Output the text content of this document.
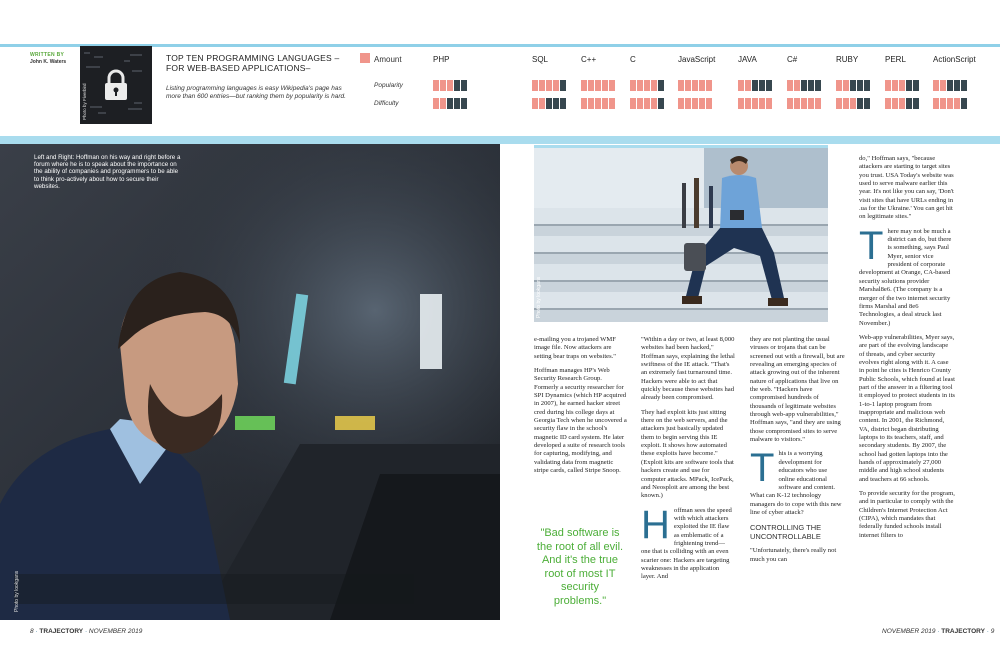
WRITTEN BY
John K. Waters
Photo by Fiverbird
TOP TEN PROGRAMMING LANGUAGES –FOR WEB-BASED APPLICATIONS–
Listing programming languages is easy Wikipedia's page has more than 600 entries—but ranking them by popularity is hard.
Amount
Popularity
Difficulty
PHP	SQL	C++	C	JavaScript	JAVA	C#	RUBY	PERL	ActionScript
Left and Right: Hoffman on his way and right before a forum where he is to speak about the importance on the ability of companies and programmers to be able to think pro-actively about how to secure their websites.
Photo by lookgans
Photo by lookgans

e-mailing you a trojaned WMF image file. Now attackers are setting bear traps on websites."

Hoffman manages HP's Web Security Research Group. Formerly a security researcher for SPI Dynamics (which HP acquired in 2007), he earned hacker street cred during his college days at Georgia Tech when he uncovered a security flaw in the school's magnetic ID card system. He later developed a suite of research tools for capturing, modifying, and validating data from magnetic stripe cards, called Stripe Snoop.

"Bad software is the root of all evil. And it's the true root of most IT security problems."

"Within a day or two, at least 8,000 websites had been hacked," Hoffman says, explaining the lethal swiftness of the IE attack. "That's an extremely fast turnaround time. Hackers were able to act that quickly because these websites had already been compromised.

They had exploit kits just sitting there on the web servers, and the attackers just basically updated them to begin serving this IE exploit. It shows how automated these exploits have become." (Exploit kits are software tools that hackers create and use for computer attacks. MPack, IcePack, and Neosploit are among the best known.)

Hoffman sees the speed with which attackers exploited the IE flaw as emblematic of a frightening trend— one that is colliding with an even scarier one: Hackers are targeting weaknesses in the application layer. And

they are not planting the usual viruses or trojans that can be screened out with a firewall, but are revealing an emerging species of attack growing out of the inherent nature of applications that live on the web. "Hackers have compromised hundreds of thousands of legitimate websites through web-app vulnerabilities," Hoffman says, "and they are using those compromised sites to serve malware to visitors."

This is a worrying development for educators who use online educational software and content. What can K-12 technology managers do to cope with this new line of cyber attack?

CONTROLLING THE UNCONTROLLABLE

"Unfortunately, there's really not much you can

do," Hoffman says, "because attackers are starting to target sites you trust. USA Today's website was used to serve malware earlier this year. It's not like you can say, 'Don't visit sites that have URLs ending in .ua for the Ukraine.' You can get hit on legitimate sites."

There may not be much a district can do, but there is something, says Paul Myer, senior vice president of corporate development at Orange, CA-based security solutions provider Marshal8e6. (The company is a merger of the two internet security firms Marshal and 8e6 Technologies, a deal struck last November.)

Web-app vulnerabilities, Myer says, are part of the evolving landscape of threats, and cyber security evolves right along with it. A case in point he cites is Henrico County Public Schools, which found at least part of the answer in a filtering tool it employed to protect students in its 1-to-1 laptop program from inappropriate and malicious web content. In 2001, the Richmond, VA, district began distributing laptops to its teachers, staff, and secondary students. By 2007, the school had gotten laptops into the hands of approximately 27,000 middle and high school students and teachers at 66 schools.

To provide security for the program, and in particular to comply with the Children's Internet Protection Act (CIPA), which mandates that federally funded schools install internet filters to

8 · TRAJECTORY · NOVEMBER 2019	NOVEMBER 2019 · TRAJECTORY · 9
